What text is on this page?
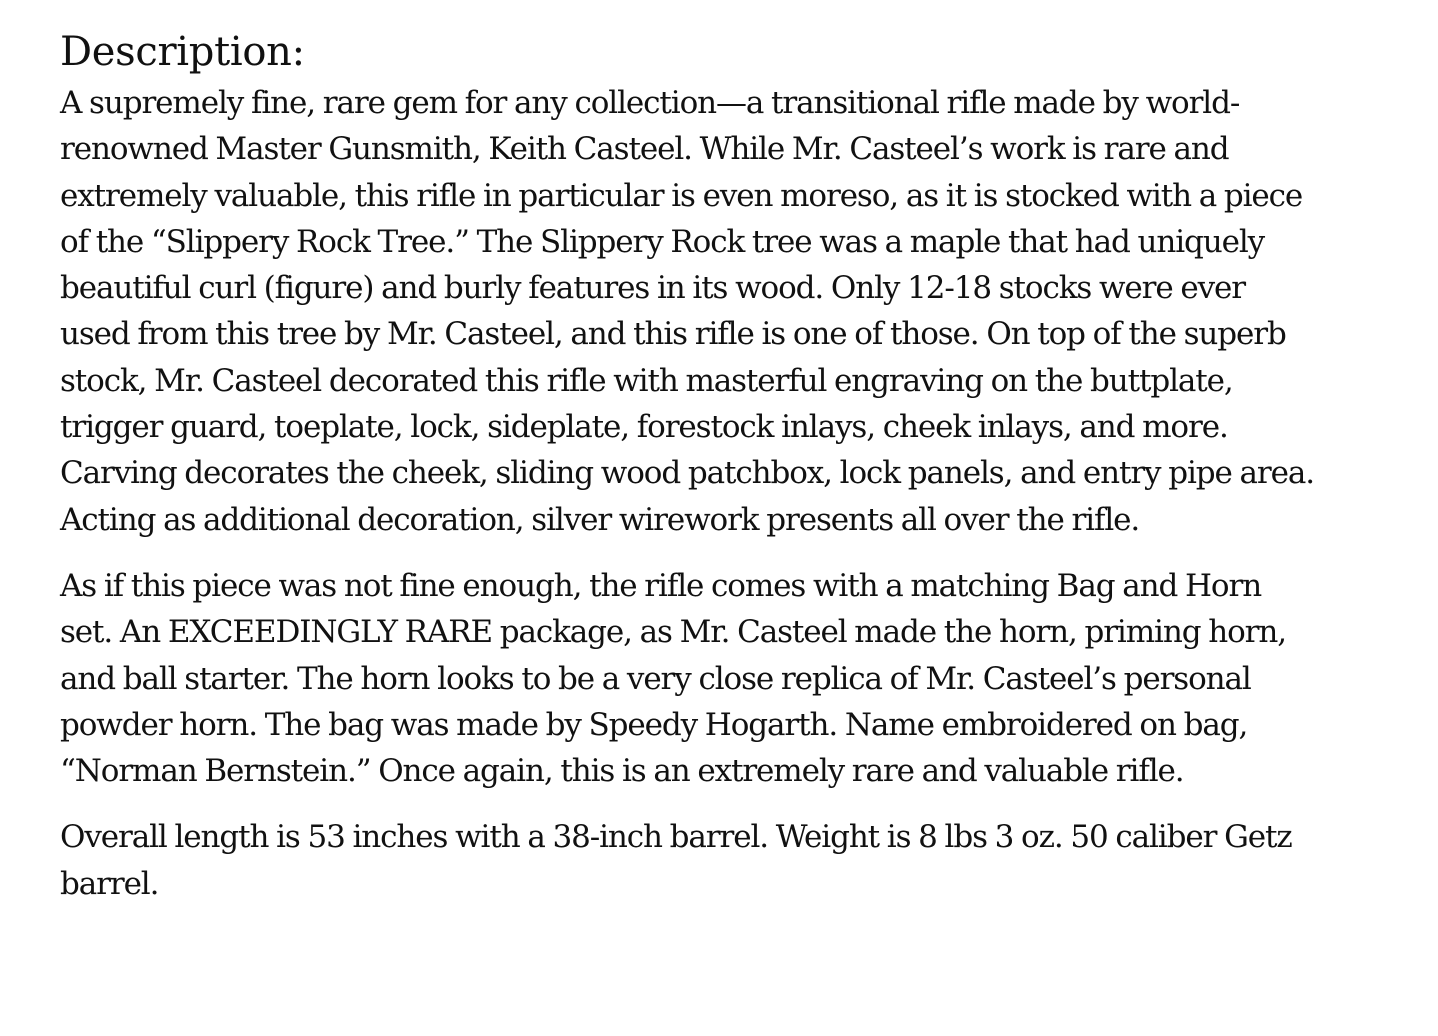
Description:

A supremely fine, rare gem for any collection—a transitional rifle made by world-renowned Master Gunsmith, Keith Casteel. While Mr. Casteel’s work is rare and extremely valuable, this rifle in particular is even moreso, as it is stocked with a piece of the “Slippery Rock Tree.” The Slippery Rock tree was a maple that had uniquely beautiful curl (figure) and burly features in its wood. Only 12-18 stocks were ever used from this tree by Mr. Casteel, and this rifle is one of those. On top of the superb stock, Mr. Casteel decorated this rifle with masterful engraving on the buttplate, trigger guard, toeplate, lock, sideplate, forestock inlays, cheek inlays, and more. Carving decorates the cheek, sliding wood patchbox, lock panels, and entry pipe area. Acting as additional decoration, silver wirework presents all over the rifle.

As if this piece was not fine enough, the rifle comes with a matching Bag and Horn set. An EXCEEDINGLY RARE package, as Mr. Casteel made the horn, priming horn, and ball starter. The horn looks to be a very close replica of Mr. Casteel’s personal powder horn. The bag was made by Speedy Hogarth. Name embroidered on bag, “Norman Bernstein.” Once again, this is an extremely rare and valuable rifle.

Overall length is 53 inches with a 38-inch barrel. Weight is 8 lbs 3 oz. 50 caliber Getz barrel.
